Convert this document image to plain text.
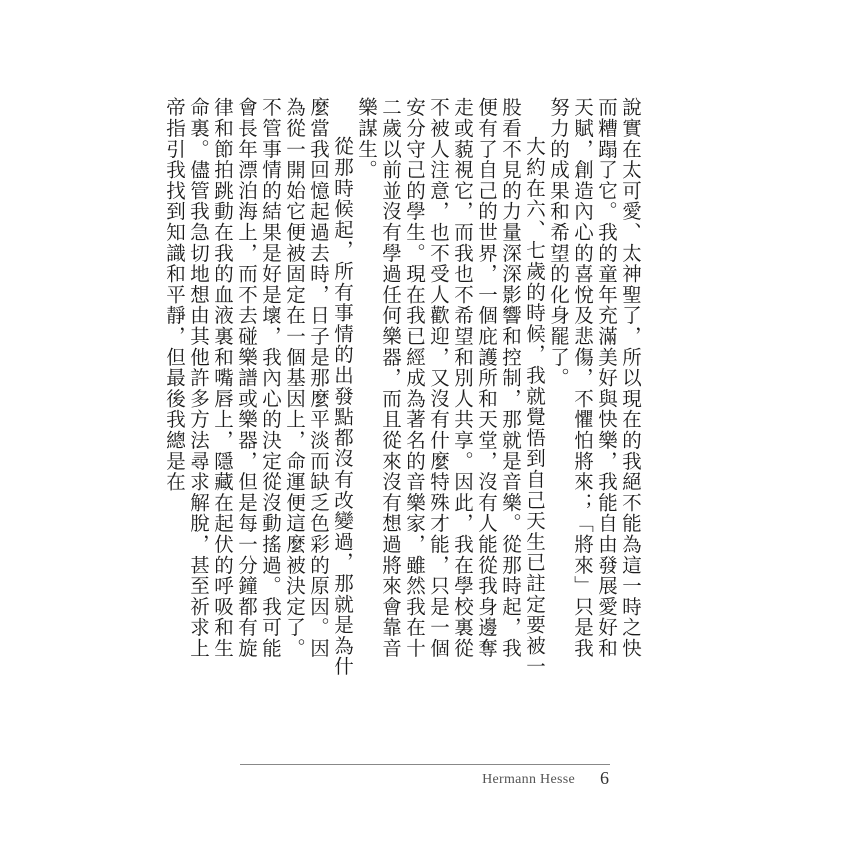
說實在太可愛、太神聖了，所以現在的我絕不能為這一時之快而糟蹋了它。我的童年充滿美好與快樂，我能自由發展愛好和天賦，創造內心的喜悅及悲傷，不懼怕將來；「將來」只是我努力的成果和希望的化身罷了。

大約在六、七歲的時候，我就覺悟到自己天生已註定要被一股看不見的力量深深影響和控制，那就是音樂。從那時起，我便有了自己的世界，一個庇護所和天堂，沒有人能從我身邊奪走或藐視它，而我也不希望和別人共享。因此，我在學校裏從不被人注意，也不受人歡迎，又沒有什麼特殊才能，只是一個安分守己的學生。現在我已經成為著名的音樂家，雖然我在十二歲以前並沒有學過任何樂器，而且從來沒有想過將來會靠音樂謀生。

從那時候起，所有事情的出發點都沒有改變過，那就是為什麼當我回憶起過去時，日子是那麼平淡而缺乏色彩的原因。因為從一開始它便被固定在一個基因上，命運便這麼被決定了。不管事情的結果是好是壞，我內心的決定從沒動搖過。我可能會長年漂泊海上，而不去碰樂譜或樂器，但是每一分鐘都有旋律和節拍跳動在我的血液裏和嘴唇上，隱藏在起伏的呼吸和生命裏。儘管我急切地想由其他許多方法尋求解脫，甚至祈求上帝指引我找到知識和平靜，但最後我總是在

Hermann Hesse 6
